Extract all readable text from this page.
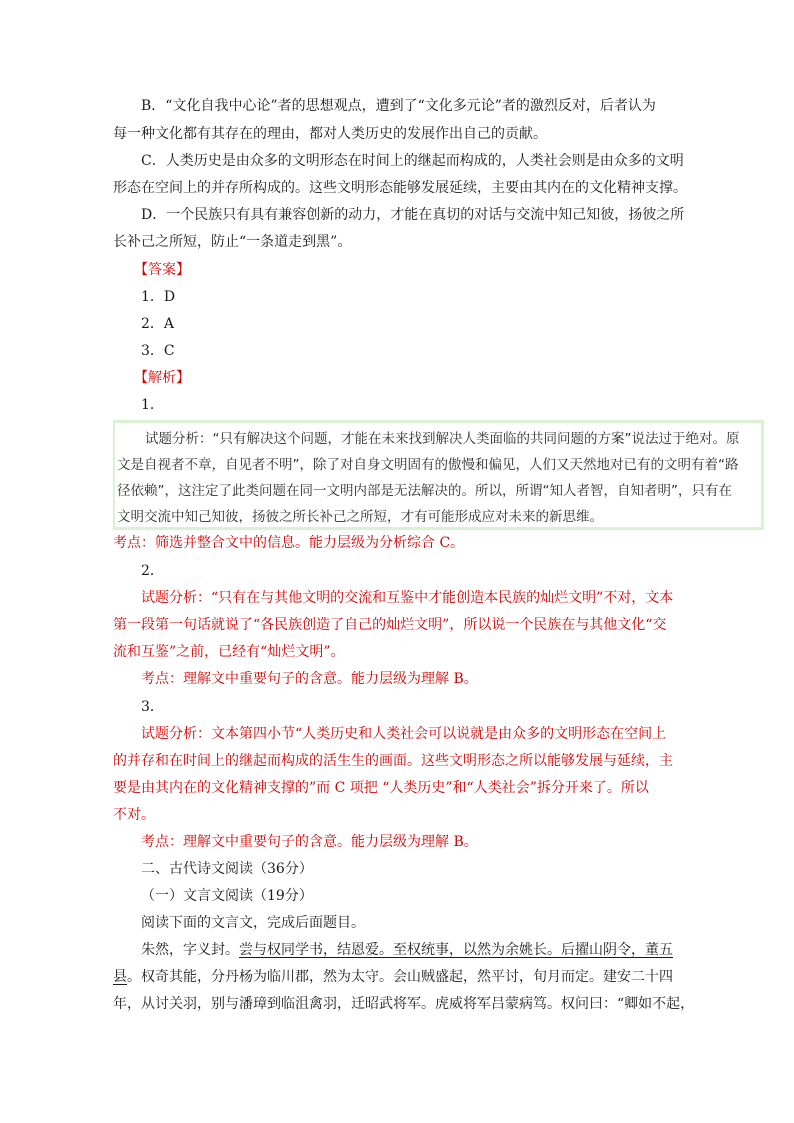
B．“文化自我中心论”者的思想观点，遭到了“文化多元论”者的激烈反对，后者认为
每一种文化都有其存在的理由，都对人类历史的发展作出自己的贡献。
C．人类历史是由众多的文明形态在时间上的继起而构成的，人类社会则是由众多的文明
形态在空间上的并存所构成的。这些文明形态能够发展延续，主要由其内在的文化精神支撑。
D．一个民族只有具有兼容创新的动力，才能在真切的对话与交流中知己知彼，扬彼之所
长补己之所短，防止“一条道走到黑”。
【答案】
1．D
2．A
3．C
【解析】
1．
试题分析：“只有解决这个问题，才能在未来找到解决人类面临的共同问题的方案”说法过于绝对。原
文是自视者不章，自见者不明”，除了对自身文明固有的傲慢和偏见，人们又天然地对已有的文明有着“路
径依赖”，这注定了此类问题在同一文明内部是无法解决的。所以，所谓“知人者智，自知者明”，只有在
文明交流中知己知彼，扬彼之所长补己之所短，才有可能形成应对未来的新思维。
考点：筛选并整合文中的信息。能力层级为分析综合 C。
2．
试题分析：“只有在与其他文明的交流和互鉴中才能创造本民族的灿烂文明”不对，文本
第一段第一句话就说了“各民族创造了自己的灿烂文明”，所以说一个民族在与其他文化“交
流和互鉴”之前，已经有“灿烂文明”。
考点：理解文中重要句子的含意。能力层级为理解 B。
3．
试题分析：文本第四小节“人类历史和人类社会可以说就是由众多的文明形态在空间上
的并存和在时间上的继起而构成的活生生的画面。这些文明形态之所以能够发展与延续，主
要是由其内在的文化精神支撑的”而 C 项把 “人类历史”和“人类社会”拆分开来了。所以
不对。
考点：理解文中重要句子的含意。能力层级为理解 B。
二、古代诗文阅读（36分）
（一）文言文阅读（19分）
阅读下面的文言文，完成后面题目。
朱然，字义封。尝与权同学书，结恩爱。至权统事，以然为余姚长。后擢山阴令，董五
县。权奇其能，分丹杨为临川郡，然为太守。会山贼盛起，然平讨，旬月而定。建安二十四
年，从讨关羽，别与潘璋到临沮禽羽，迁昭武将军。虎威将军吕蒙病笃。权问曰：“卿如不起，
